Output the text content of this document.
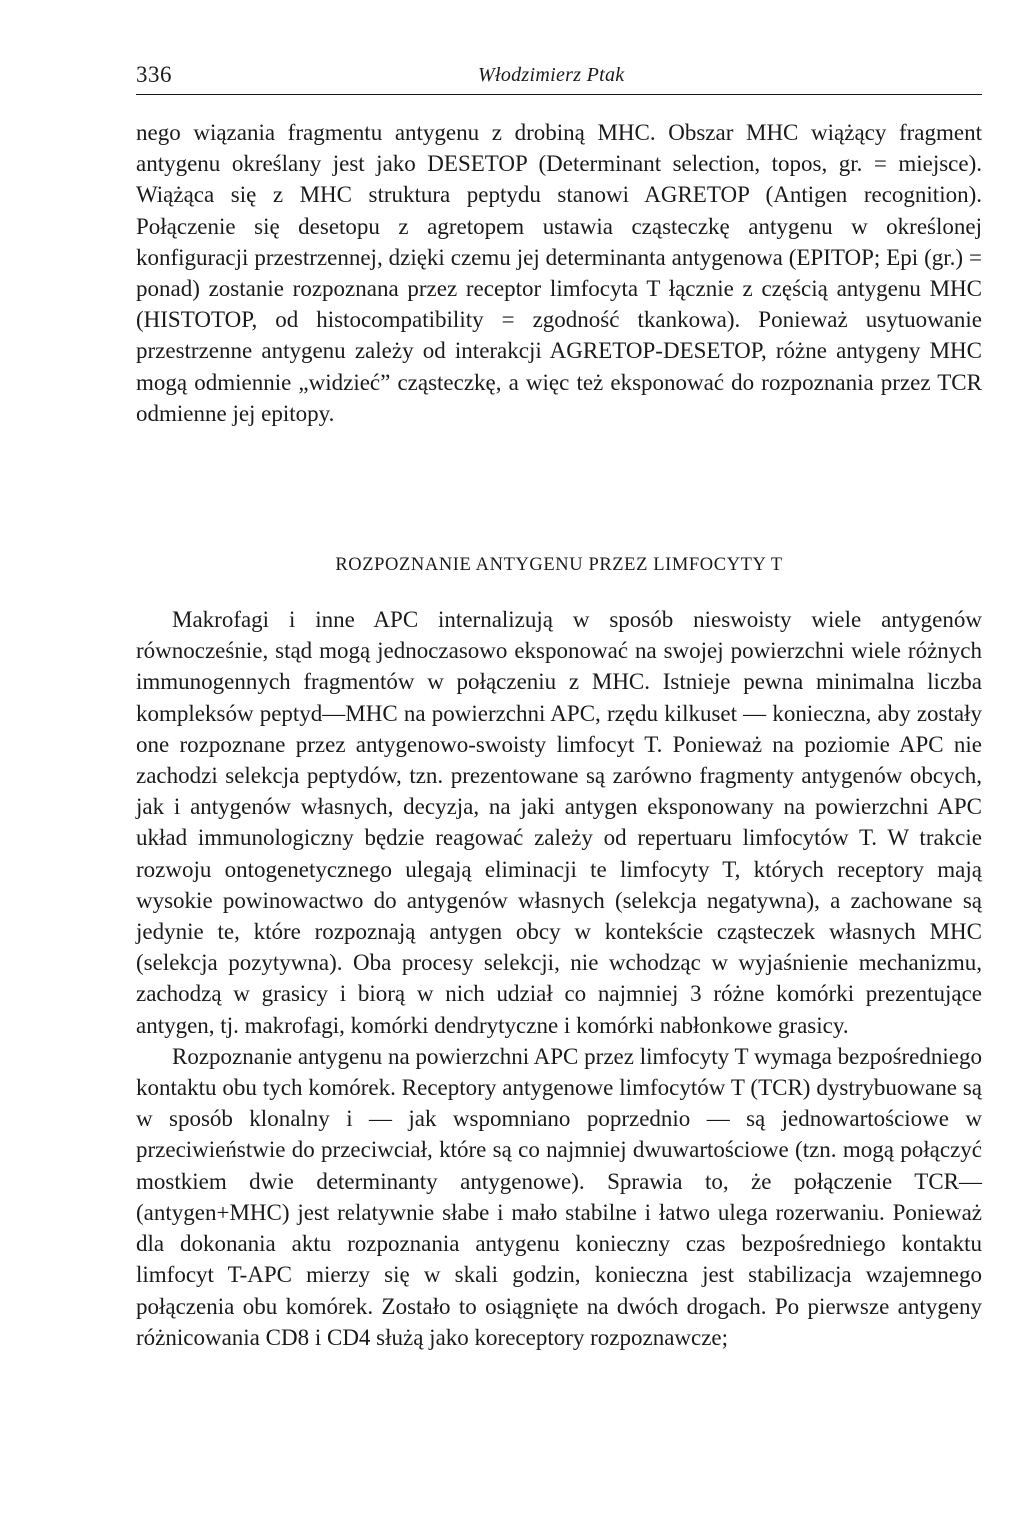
336	Włodzimierz Ptak

nego wiązania fragmentu antygenu z drobiną MHC. Obszar MHC wiążący fragment antygenu określany jest jako DESETOP (Determinant selection, topos, gr. = miejsce). Wiążąca się z MHC struktura peptydu stanowi AGRETOP (Antigen recognition). Połączenie się desetopu z agretopem ustawia cząsteczkę antygenu w określonej konfiguracji przestrzennej, dzięki czemu jej determinanta antygenowa (EPITOP; Epi (gr.) = ponad) zostanie rozpoznana przez receptor limfocyta T łącznie z częścią antygenu MHC (HISTOTOP, od histocompatibility = zgodność tkankowa). Ponieważ usytuowanie przestrzenne antygenu zależy od interakcji AGRETOP-DESETOP, różne antygeny MHC mogą odmiennie „widzieć” cząsteczkę, a więc też eksponować do rozpoznania przez TCR odmienne jej epitopy.

ROZPOZNANIE ANTYGENU PRZEZ LIMFOCYTY T

Makrofagi i inne APC internalizują w sposób nieswoisty wiele antygenów równocześnie, stąd mogą jednoczasowo eksponować na swojej powierzchni wiele różnych immunogennych fragmentów w połączeniu z MHC. Istnieje pewna minimalna liczba kompleksów peptyd—MHC na powierzchni APC, rzędu kilkuset — konieczna, aby zostały one rozpoznane przez antygenowo-swoisty limfocyt T. Ponieważ na poziomie APC nie zachodzi selekcja peptydów, tzn. prezentowane są zarówno fragmenty antygenów obcych, jak i antygenów własnych, decyzja, na jaki antygen eksponowany na powierzchni APC układ immunologiczny będzie reagować zależy od repertuaru limfocytów T. W trakcie rozwoju ontogenetycznego ulegają eliminacji te limfocyty T, których receptory mają wysokie powinowactwo do antygenów własnych (selekcja negatywna), a zachowane są jedynie te, które rozpoznają antygen obcy w kontekście cząsteczek własnych MHC (selekcja pozytywna). Oba procesy selekcji, nie wchodząc w wyjaśnienie mechanizmu, zachodzą w grasicy i biorą w nich udział co najmniej 3 różne komórki prezentujące antygen, tj. makrofagi, komórki dendrytyczne i komórki nabłonkowe grasicy.

Rozpoznanie antygenu na powierzchni APC przez limfocyty T wymaga bezpośredniego kontaktu obu tych komórek. Receptory antygenowe limfocytów T (TCR) dystrybuowane są w sposób klonalny i — jak wspomniano poprzednio — są jednowartościowe w przeciwieństwie do przeciwciał, które są co najmniej dwuwartościowe (tzn. mogą połączyć mostkiem dwie determinanty antygenowe). Sprawia to, że połączenie TCR—(antygen+MHC) jest relatywnie słabe i mało stabilne i łatwo ulega rozerwaniu. Ponieważ dla dokonania aktu rozpoznania antygenu konieczny czas bezpośredniego kontaktu limfocyt T-APC mierzy się w skali godzin, konieczna jest stabilizacja wzajemnego połączenia obu komórek. Zostało to osiągnięte na dwóch drogach. Po pierwsze antygeny różnicowania CD8 i CD4 służą jako koreceptory rozpoznawcze;
